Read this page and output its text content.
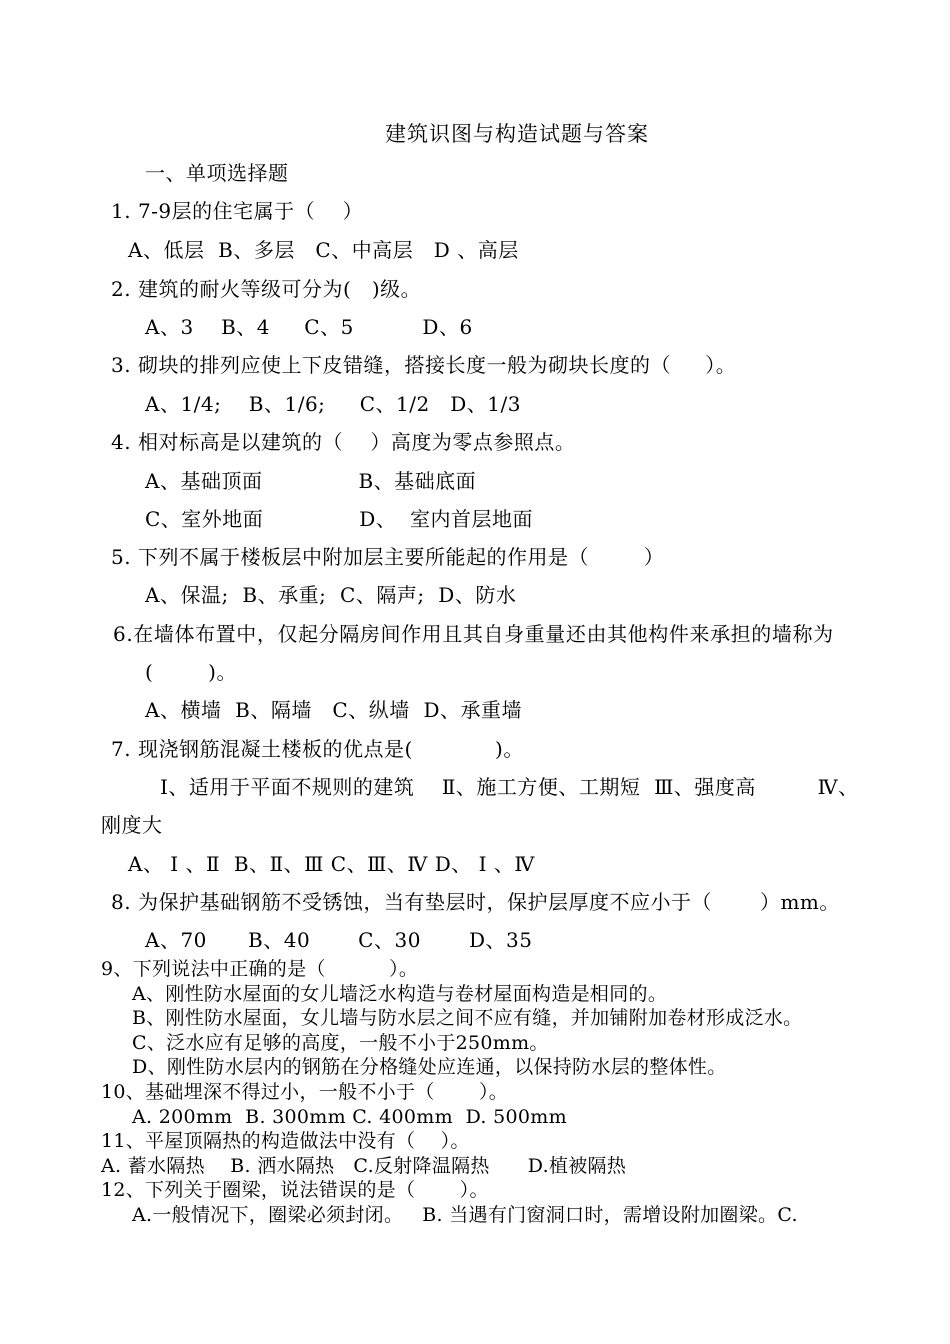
建筑识图与构造试题与答案
一、单项选择题
1. 7-9层的住宅属于（    ）
A、低层  B、多层   C、中高层   D 、高层
2. 建筑的耐火等级可分为(   )级。
A、3    B、4     C、5          D、6
3. 砌块的排列应使上下皮错缝，搭接长度一般为砌块长度的（     ）。
A、1/4;    B、1/6;     C、1/2   D、1/3
4. 相对标高是以建筑的（    ）高度为零点参照点。
A、基础顶面              B、基础底面
C、室外地面              D、  室内首层地面
5. 下列不属于楼板层中附加层主要所能起的作用是（        ）
A、保温;  B、承重;  C、隔声;  D、防水
6.在墙体布置中，仅起分隔房间作用且其自身重量还由其他构件来承担的墙称为
(        )。
A、横墙  B、隔墙   C、纵墙  D、承重墙
7. 现浇钢筋混凝土楼板的优点是(            )。
Ⅰ、适用于平面不规则的建筑    Ⅱ、施工方便、工期短  Ⅲ、强度高         Ⅳ、
刚度大
A、 Ⅰ 、Ⅱ  B、Ⅱ、Ⅲ C、Ⅲ、Ⅳ D、 Ⅰ 、Ⅳ
8. 为保护基础钢筋不受锈蚀，当有垫层时，保护层厚度不应小于（       ）mm。
A、70      B、40       C、30       D、35
9、下列说法中正确的是（          ）。
A、刚性防水屋面的女儿墙泛水构造与卷材屋面构造是相同的。
B、刚性防水屋面，女儿墙与防水层之间不应有缝，并加铺附加卷材形成泛水。
C、泛水应有足够的高度，一般不小于250mm。
D、刚性防水层内的钢筋在分格缝处应连通，以保持防水层的整体性。
10、基础埋深不得过小，一般不小于（       ）。
A. 200mm  B. 300mm C. 400mm  D. 500mm
11、平屋顶隔热的构造做法中没有（    ）。
A. 蓄水隔热    B. 洒水隔热   C.反射降温隔热      D.植被隔热
12、下列关于圈梁，说法错误的是（       ）。
A.一般情况下，圈梁必须封闭。   B. 当遇有门窗洞口时，需增设附加圈梁。C.
